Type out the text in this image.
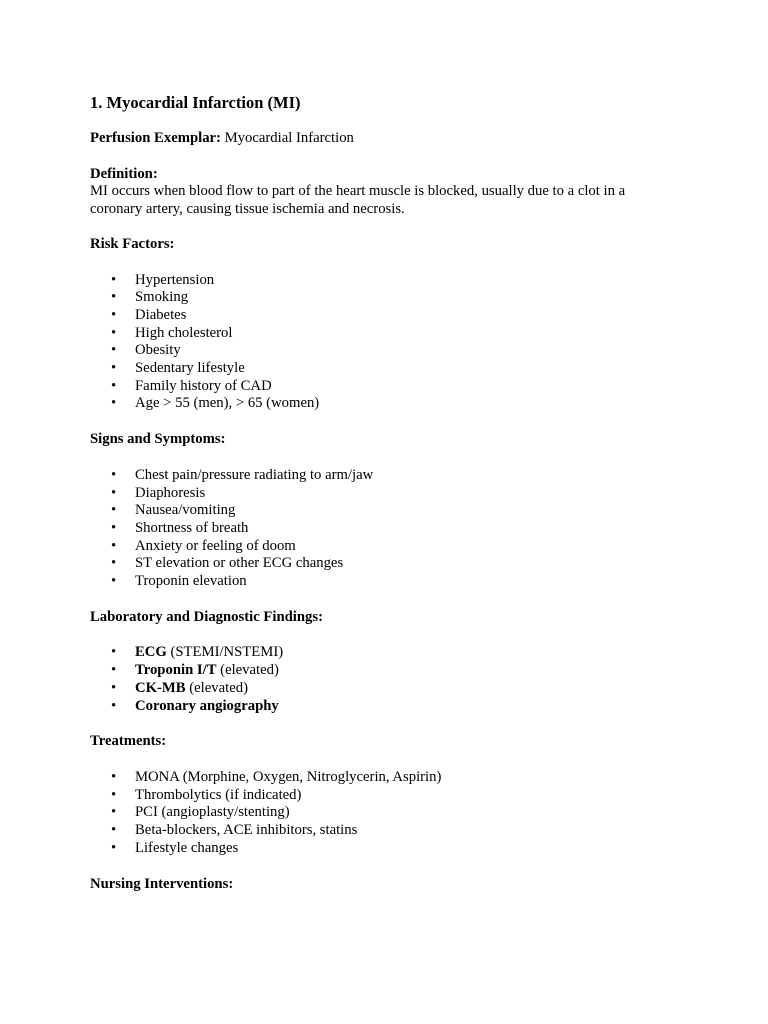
1. Myocardial Infarction (MI)

Perfusion Exemplar: Myocardial Infarction

Definition:

MI occurs when blood flow to part of the heart muscle is blocked, usually due to a clot in a coronary artery, causing tissue ischemia and necrosis.

Risk Factors:

• Hypertension
• Smoking
• Diabetes
• High cholesterol
• Obesity
• Sedentary lifestyle
• Family history of CAD
• Age > 55 (men), > 65 (women)

Signs and Symptoms:

• Chest pain/pressure radiating to arm/jaw
• Diaphoresis
• Nausea/vomiting
• Shortness of breath
• Anxiety or feeling of doom
• ST elevation or other ECG changes
• Troponin elevation

Laboratory and Diagnostic Findings:

• ECG (STEMI/NSTEMI)
• Troponin I/T (elevated)
• CK-MB (elevated)
• Coronary angiography

Treatments:

• MONA (Morphine, Oxygen, Nitroglycerin, Aspirin)
• Thrombolytics (if indicated)
• PCI (angioplasty/stenting)
• Beta-blockers, ACE inhibitors, statins
• Lifestyle changes

Nursing Interventions:
